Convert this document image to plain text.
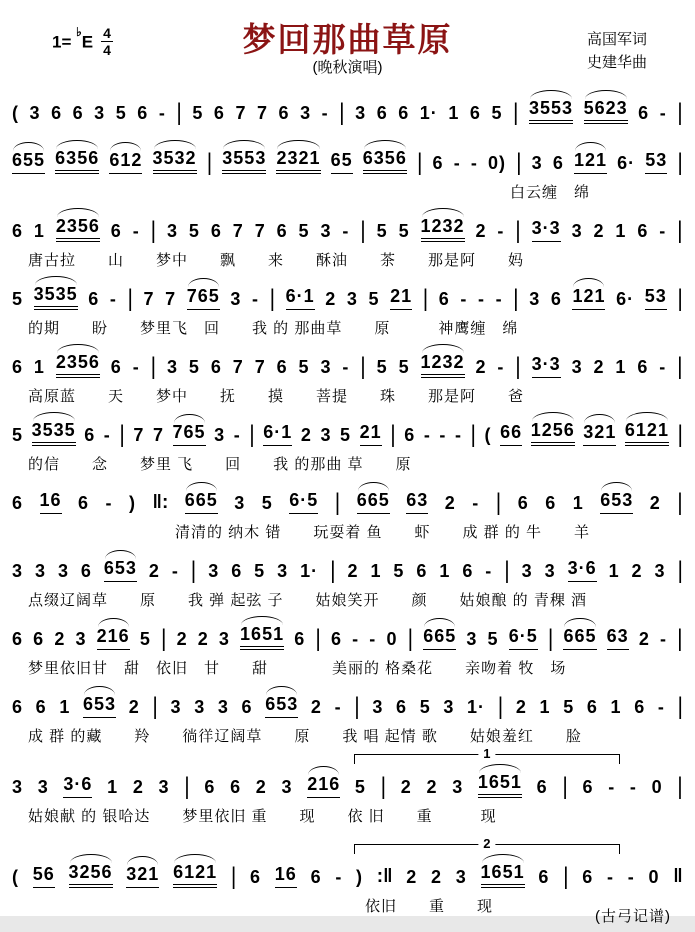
$1= ^♭E \frac{4}{4}$	梦回那曲草原
(晚秋演唱)
高国军词
史建华曲
( 3 6 6 3 5 6 - | 5 6 7 7 6 3 - | 3 6 6 1· 1 6 5 | 3553 5623 6 - |
655 6356 612 3532 | 3553 2321 65 6356 | 6 - - 0) | 3 6 121 6· 53 |
白云缠　绵
6 1 2356 6 - | 3 5 6 7 7 6 5 3 - | 5 5 1232 2 - | 3·3 3 2 1 6 - |
唐古拉　　山　　梦中　　飘　　来　　酥油　　茶　　那是阿　　妈
5 3535 6 - | 7 7 765 3 - | 6·1 2 3 5 21 | 6 - - - | 3 6 121 6· 53 |
的期　　盼　　梦里飞　回　　我 的 那曲草　　原　　　神鹰缠　绵
6 1 2356 6 - | 3 5 6 7 7 6 5 3 - | 5 5 1232 2 - | 3·3 3 2 1 6 - |
高原蓝　　天　　梦中　　抚　　摸　　菩提　　珠　　那是阿　　爸
5 3535 6 - | 7 7 765 3 - | 6·1 2 3 5 21 | 6 - - - | ( 66 1256 321 6121 |
的信　　念　　梦里 飞　　回　　我 的那曲 草　　原
6 16 6 - ) ‖: 665 3 5 6·5 | 665 63 2 - | 6 6 1 653 2 |
清清的 纳木 错　　玩耍着 鱼　　虾　　成 群 的 牛　　羊
3 3 3 6 653 2 - | 3 6 5 3 1· | 2 1 5 6 1 6 - | 3 3 3·6 1 2 3 |
点缀辽阔草　　原　　我 弹 起弦 子　　姑娘笑开　　颜　　姑娘酿 的 青稞 酒
6 6 2 3 216 5 | 2 2 3 1651 6 | 6 - - 0 | 665 3 5 6·5 | 665 63 2 - |
梦里依旧甘　甜　依旧　甘　　甜　　　　美丽的 格桑花　　亲吻着 牧　场
6 6 1 653 2 | 3 3 3 6 653 2 - | 3 6 5 3 1· | 2 1 5 6 1 6 - |
成 群 的藏　　羚　　徜徉辽阔草　　原　　我 唱 起情 歌　　姑娘羞红　　脸
1
3 3 3·6 1 2 3 | 6 6 2 3 216 5 | 2 2 3 1651 6 | 6 - - 0 |
姑娘献 的 银哈达　　梦里依旧 重　　现　　依 旧　　重　　　现
2
( 56 3256 321 6121 | 6 16 6 - ) :‖ 2 2 3 1651 6 | 6 - - 0 ‖
依旧　　重　　现
(古弓记谱)
